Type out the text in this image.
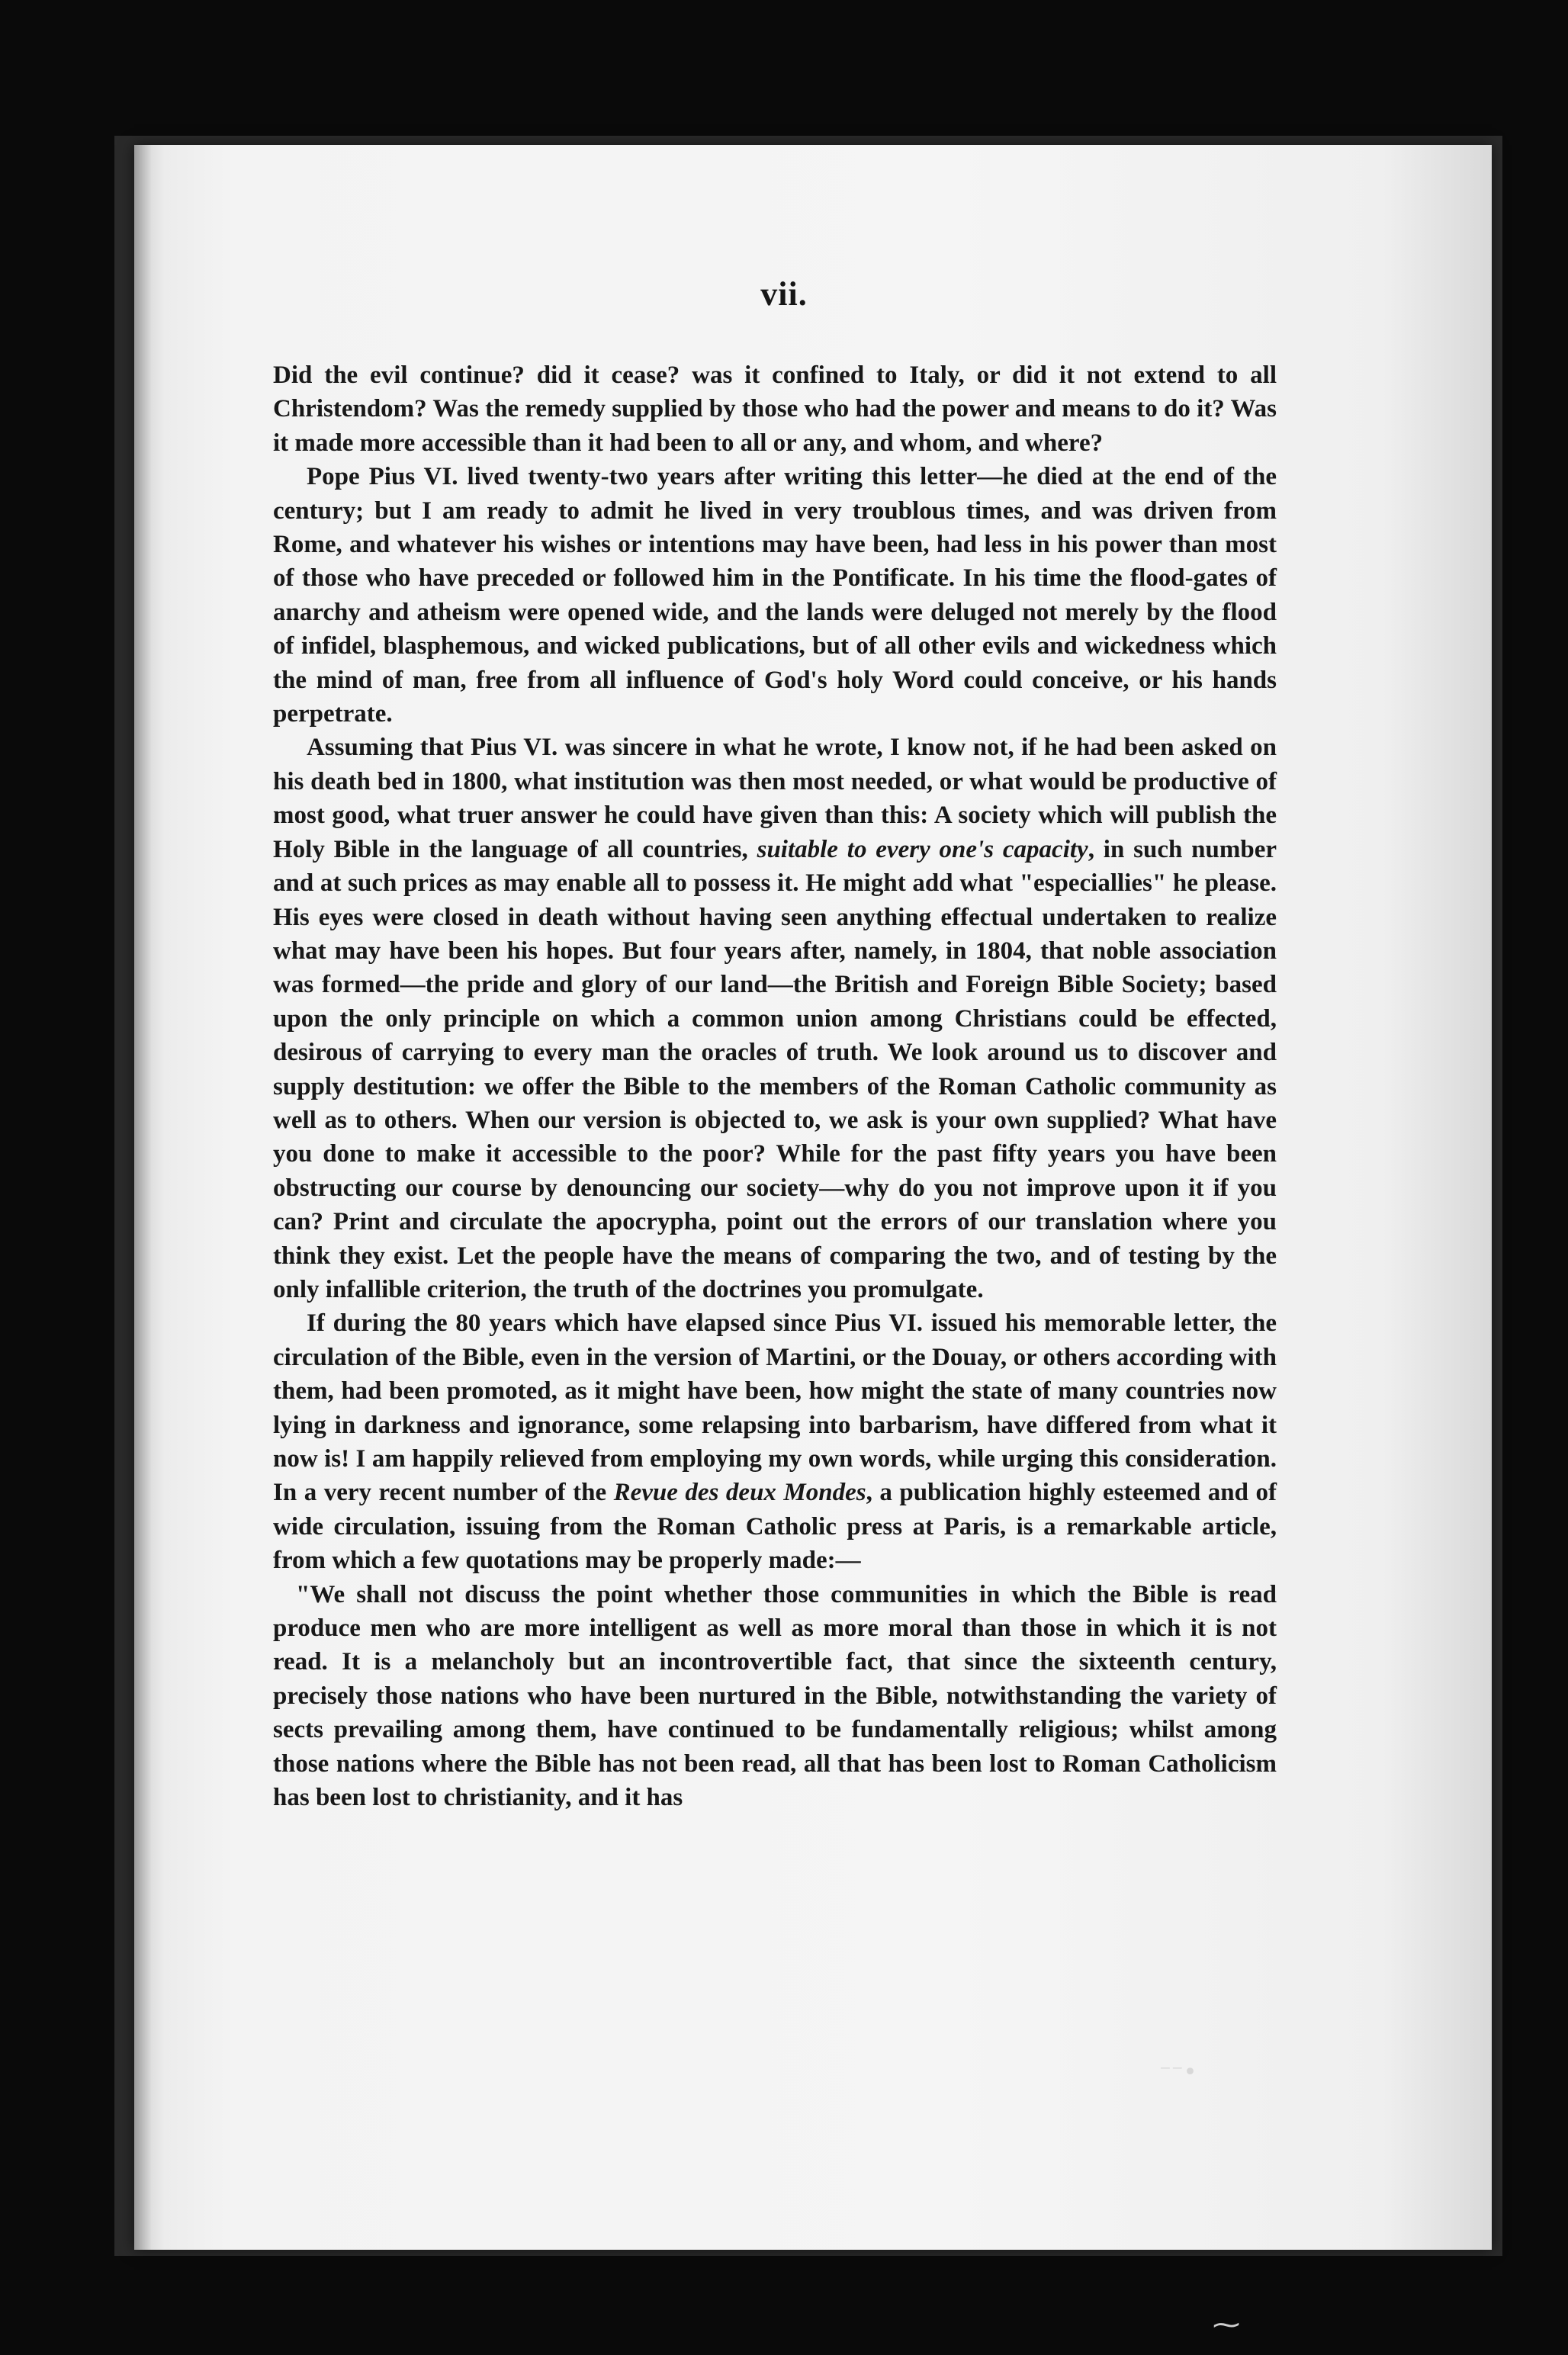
vii.

Did the evil continue? did it cease? was it confined to Italy, or did it not extend to all Christendom? Was the remedy supplied by those who had the power and means to do it? Was it made more accessible than it had been to all or any, and whom, and where?

Pope Pius VI. lived twenty-two years after writing this letter—he died at the end of the century; but I am ready to admit he lived in very troublous times, and was driven from Rome, and whatever his wishes or intentions may have been, had less in his power than most of those who have preceded or followed him in the Pontificate. In his time the flood-gates of anarchy and atheism were opened wide, and the lands were deluged not merely by the flood of infidel, blasphemous, and wicked publications, but of all other evils and wickedness which the mind of man, free from all influence of God's holy Word could conceive, or his hands perpetrate.

Assuming that Pius VI. was sincere in what he wrote, I know not, if he had been asked on his death bed in 1800, what institution was then most needed, or what would be productive of most good, what truer answer he could have given than this: A society which will publish the Holy Bible in the language of all countries, suitable to every one's capacity, in such number and at such prices as may enable all to possess it. He might add what "especiallies" he please. His eyes were closed in death without having seen anything effectual undertaken to realize what may have been his hopes. But four years after, namely, in 1804, that noble association was formed—the pride and glory of our land—the British and Foreign Bible Society; based upon the only principle on which a common union among Christians could be effected, desirous of carrying to every man the oracles of truth. We look around us to discover and supply destitution: we offer the Bible to the members of the Roman Catholic community as well as to others. When our version is objected to, we ask is your own supplied? What have you done to make it accessible to the poor? While for the past fifty years you have been obstructing our course by denouncing our society—why do you not improve upon it if you can? Print and circulate the apocrypha, point out the errors of our translation where you think they exist. Let the people have the means of comparing the two, and of testing by the only infallible criterion, the truth of the doctrines you promulgate.

If during the 80 years which have elapsed since Pius VI. issued his memorable letter, the circulation of the Bible, even in the version of Martini, or the Douay, or others according with them, had been promoted, as it might have been, how might the state of many countries now lying in darkness and ignorance, some relapsing into barbarism, have differed from what it now is! I am happily relieved from employing my own words, while urging this consideration. In a very recent number of the Revue des deux Mondes, a publication highly esteemed and of wide circulation, issuing from the Roman Catholic press at Paris, is a remarkable article, from which a few quotations may be properly made:—

"We shall not discuss the point whether those communities in which the Bible is read produce men who are more intelligent as well as more moral than those in which it is not read. It is a melancholy but an incontrovertible fact, that since the sixteenth century, precisely those nations who have been nurtured in the Bible, notwithstanding the variety of sects prevailing among them, have continued to be fundamentally religious; whilst among those nations where the Bible has not been read, all that has been lost to Roman Catholicism has been lost to christianity, and it has

⁻⁻•
⁓
